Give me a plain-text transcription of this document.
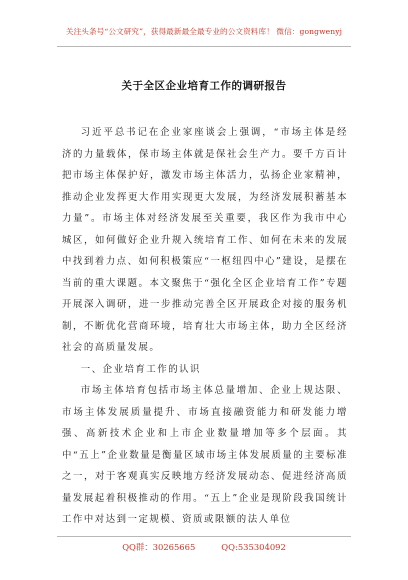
关注头条号“公文研究”，获得最新最全最专业的公文资料库！ 微信：gongwenyj
关于全区企业培育工作的调研报告

习近平总书记在企业家座谈会上强调，“市场主体是经济的力量载体，保市场主体就是保社会生产力。要千方百计把市场主体保护好，激发市场主体活力，弘扬企业家精神，推动企业发挥更大作用实现更大发展，为经济发展积蓄基本力量”。市场主体对经济发展至关重要，我区作为我市中心城区，如何做好企业升规入统培育工作、如何在未来的发展中找到着力点、如何积极策应“一枢纽四中心”建设，是摆在当前的重大课题。本文聚焦于“强化全区企业培育工作”专题开展深入调研，进一步推动完善全区开展政企对接的服务机制，不断优化营商环境，培育壮大市场主体，助力全区经济社会的高质量发展。

一、企业培育工作的认识

市场主体培育包括市场主体总量增加、企业上规达限、市场主体发展质量提升、市场直接融资能力和研发能力增强、高新技术企业和上市企业数量增加等多个层面。其中“五上”企业数量是衡量区域市场主体发展质量的主要标准之一，对于客观真实反映地方经济发展动态、促进经济高质量发展起着积极推动的作用。“五上”企业是现阶段我国统计工作中对达到一定规模、资质或限额的法人单位

QQ群：30265665	QQ:535304092
